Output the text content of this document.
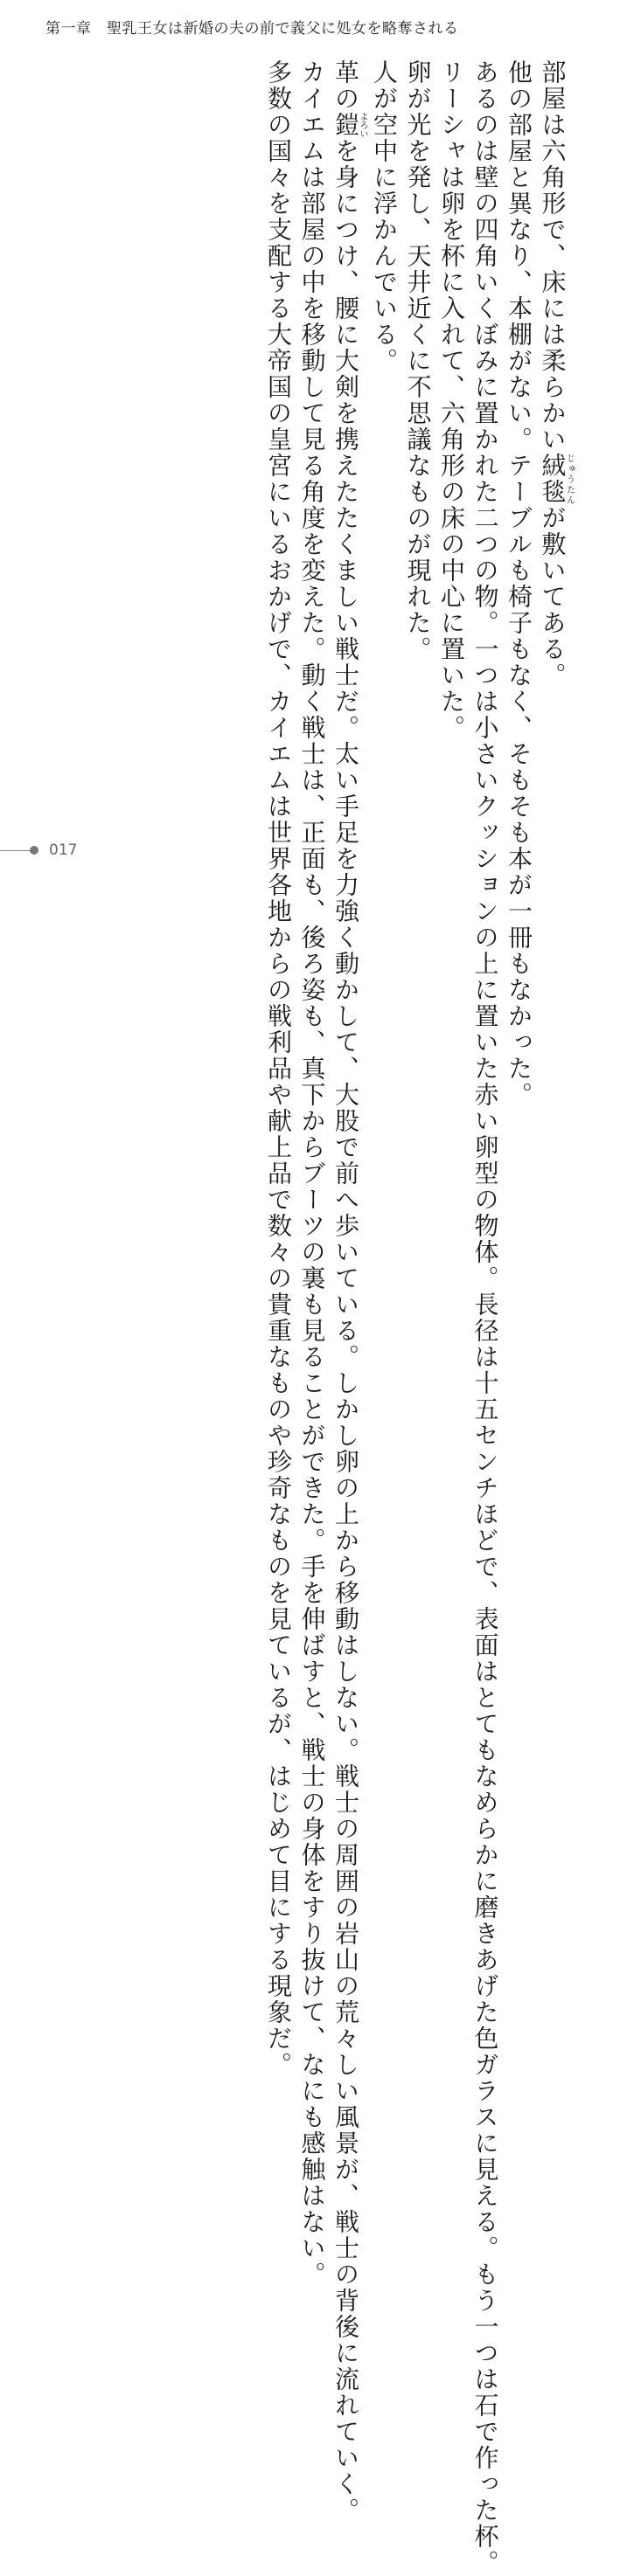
第一章　聖乳王女は新婚の夫の前で義父に処女を略奪される
部屋は六角形で、床には柔らかい絨毯じゅうたんが敷いてある。
他の部屋と異なり、本棚がない。テーブルも椅子もなく、そもそも本が一冊もなかった。
あるのは壁の四角いくぼみに置かれた二つの物。一つは小さいクッションの上に置いた赤い卵型の物体。長径は十五センチほどで、表面はとてもなめらかに磨きあげた色ガラスに見える。もう一つは石で作った杯。
リーシャは卵を杯に入れて、六角形の床の中心に置いた。
卵が光を発し、天井近くに不思議なものが現れた。
人が空中に浮かんでいる。
革の鎧よろいを身につけ、腰に大剣を携えたたくましい戦士だ。太い手足を力強く動かして、大股で前へ歩いている。しかし卵の上から移動はしない。戦士の周囲の岩山の荒々しい風景が、戦士の背後に流れていく。
カイエムは部屋の中を移動して見る角度を変えた。動く戦士は、正面も、後ろ姿も、真下からブーツの裏も見ることができた。手を伸ばすと、戦士の身体をすり抜けて、なにも感触はない。
多数の国々を支配する大帝国の皇宮にいるおかげで、カイエムは世界各地からの戦利品や献上品で数々の貴重なものや珍奇なものを見ているが、はじめて目にする現象だ。
017
